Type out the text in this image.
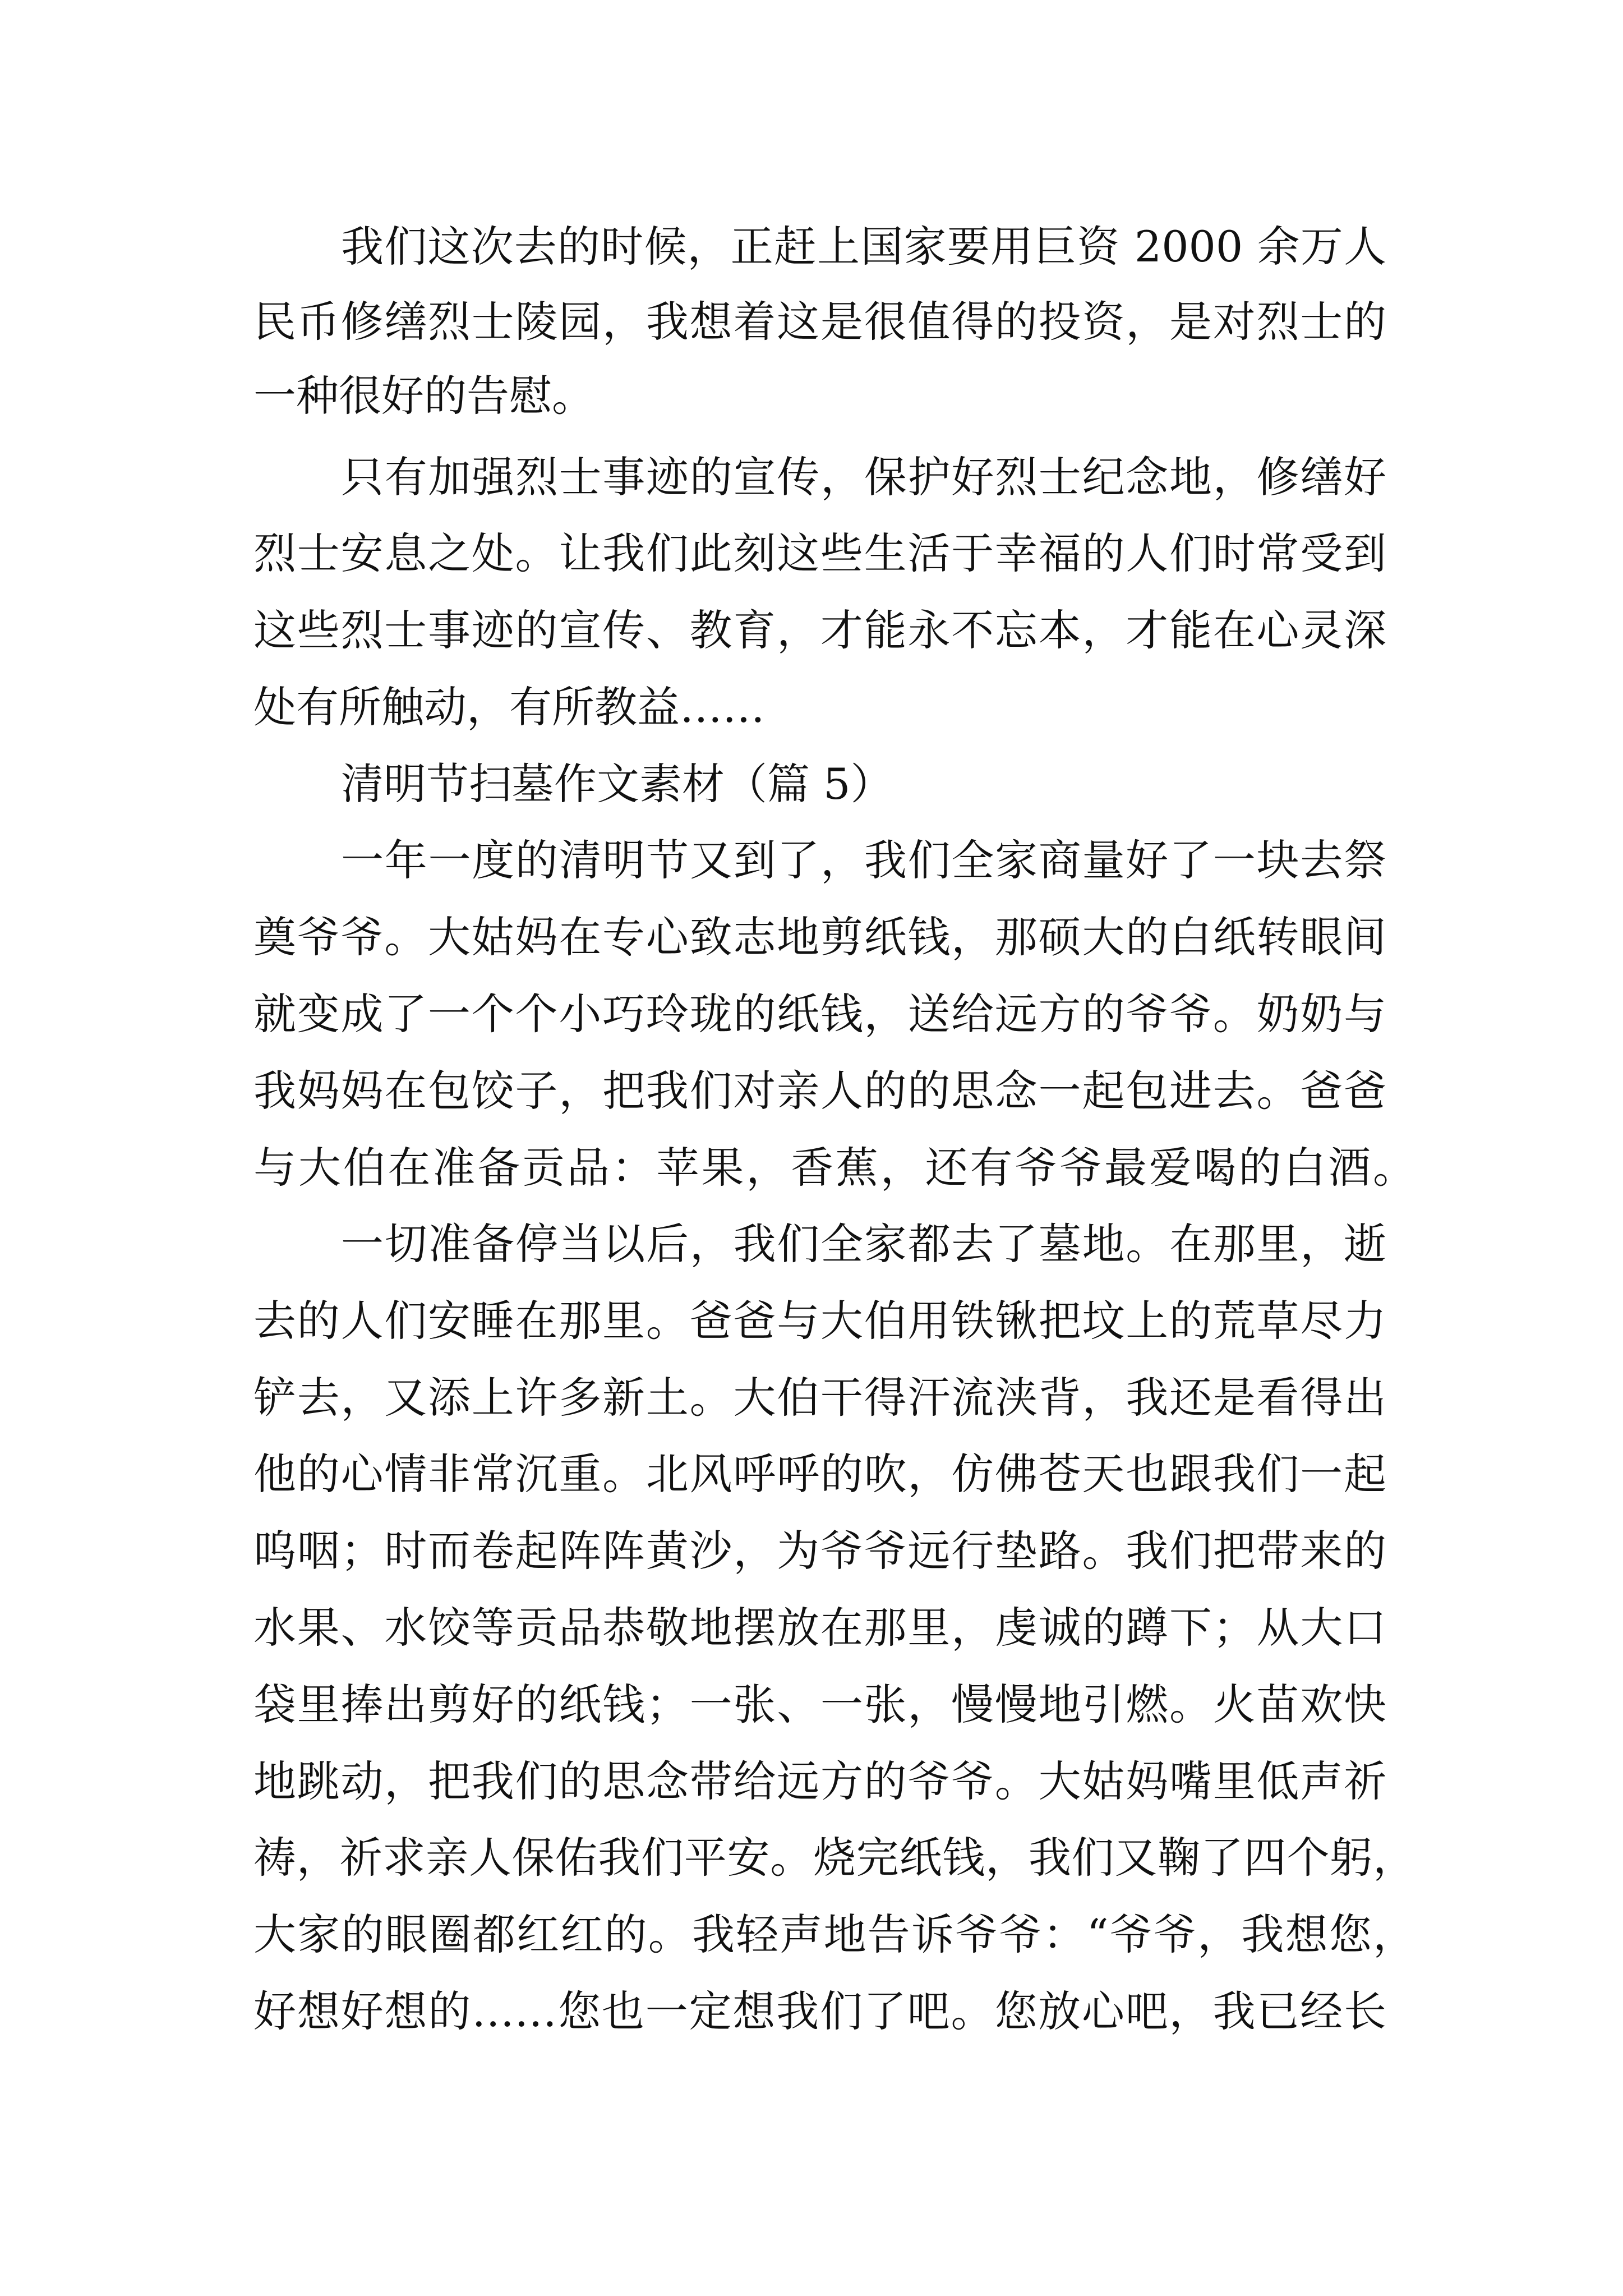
我们这次去的时候，正赶上国家要用巨资 2000 余万人
民币修缮烈士陵园，我想着这是很值得的投资，是对烈士的
一种很好的告慰。
只有加强烈士事迹的宣传，保护好烈士纪念地，修缮好
烈士安息之处。让我们此刻这些生活于幸福的人们时常受到
这些烈士事迹的宣传、教育，才能永不忘本，才能在心灵深
处有所触动，有所教益……
清明节扫墓作文素材（篇 5）
一年一度的清明节又到了，我们全家商量好了一块去祭
奠爷爷。大姑妈在专心致志地剪纸钱，那硕大的白纸转眼间
就变成了一个个小巧玲珑的纸钱，送给远方的爷爷。奶奶与
我妈妈在包饺子，把我们对亲人的的思念一起包进去。爸爸
与大伯在准备贡品：苹果，香蕉，还有爷爷最爱喝的白酒。
一切准备停当以后，我们全家都去了墓地。在那里，逝
去的人们安睡在那里。爸爸与大伯用铁锹把坟上的荒草尽力
铲去，又添上许多新土。大伯干得汗流浃背，我还是看得出
他的心情非常沉重。北风呼呼的吹，仿佛苍天也跟我们一起
呜咽；时而卷起阵阵黄沙，为爷爷远行垫路。我们把带来的
水果、水饺等贡品恭敬地摆放在那里，虔诚的蹲下；从大口
袋里捧出剪好的纸钱；一张、一张，慢慢地引燃。火苗欢快
地跳动，把我们的思念带给远方的爷爷。大姑妈嘴里低声祈
祷，祈求亲人保佑我们平安。烧完纸钱，我们又鞠了四个躬，
大家的眼圈都红红的。我轻声地告诉爷爷：“爷爷，我想您，
好想好想的……您也一定想我们了吧。您放心吧，我已经长
